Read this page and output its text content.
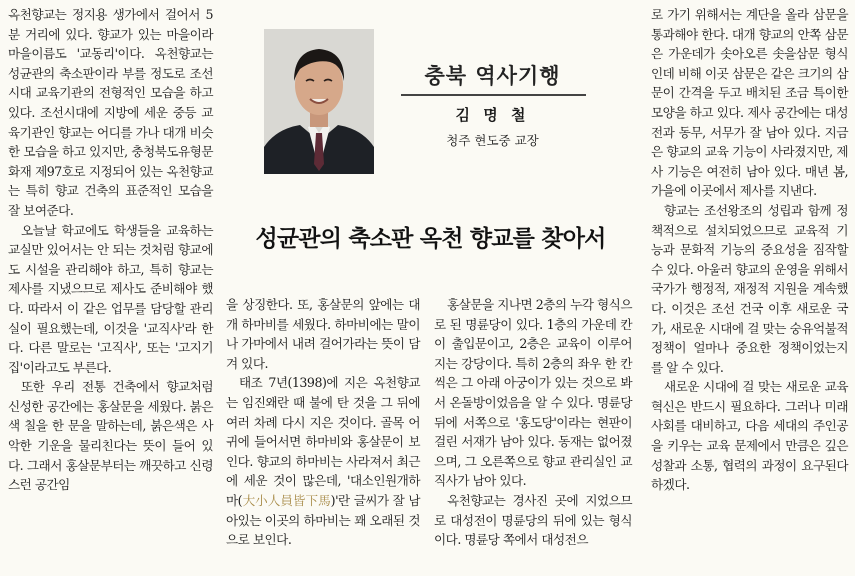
옥천향교는 정지용 생가에서 걸어서 5분 거리에 있다. 향교가 있는 마을이라 마을이름도 '교동리'이다. 옥천향교는 성균관의 축소판이라 부를 정도로 조선 시대 교육기관의 전형적인 모습을 하고 있다. 조선시대에 지방에 세운 중등 교육기관인 향교는 어디를 가나 대개 비슷한 모습을 하고 있지만, 충청북도유형문화재 제97호로 지정되어 있는 옥천향교는 특히 향교 건축의 표준적인 모습을 잘 보여준다.

오늘날 학교에도 학생들을 교육하는 교실만 있어서는 안 되는 것처럼 향교에도 시설을 관리해야 하고, 특히 향교는 제사를 지냈으므로 제사도 준비해야 했다. 따라서 이 같은 업무를 담당할 관리실이 필요했는데, 이것을 '교직사'라 한다. 다른 말로는 '고직사', 또는 '고지기집'이라고도 부른다.

또한 우리 전통 건축에서 향교처럼 신성한 공간에는 홍살문을 세웠다. 붉은색 칠을 한 문을 말하는데, 붉은색은 사악한 기운을 물리친다는 뜻이 들어 있다. 그래서 홍살문부터는 깨끗하고 신령스런 공간임

충북 역사기행
김 명 철
청주 현도중 교장
성균관의 축소판 옥천 향교를 찾아서

을 상징한다. 또, 홍살문의 앞에는 대개 하마비를 세웠다. 하마비에는 말이나 가마에서 내려 걸어가라는 뜻이 담겨 있다.

태조 7년(1398)에 지은 옥천향교는 임진왜란 때 불에 탄 것을 그 뒤에 여러 차례 다시 지은 것이다. 골목 어귀에 들어서면 하마비와 홍살문이 보인다. 향교의 하마비는 사라져서 최근에 세운 것이 많은데, '대소인원개하마(大小人員皆下馬)'란 글씨가 잘 남아있는 이곳의 하마비는 꽤 오래된 것으로 보인다.

홍살문을 지나면 2층의 누각 형식으로 된 명륜당이 있다. 1층의 가운데 칸이 출입문이고, 2층은 교육이 이루어지는 강당이다. 특히 2층의 좌우 한 칸씩은 그 아래 아궁이가 있는 것으로 봐서 온돌방이었음을 알 수 있다. 명륜당 뒤에 서쪽으로 '홍도당'이라는 현판이 걸린 서재가 남아 있다. 동재는 없어졌으며, 그 오른쪽으로 향교 관리실인 교직사가 남아 있다.

옥천향교는 경사진 곳에 지었으므로 대성전이 명륜당의 뒤에 있는 형식이다. 명륜당 쪽에서 대성전으

로 가기 위해서는 계단을 올라 삼문을 통과해야 한다. 대개 향교의 안쪽 삼문은 가운데가 솟아오른 솟을삼문 형식인데 비해 이곳 삼문은 같은 크기의 삼문이 간격을 두고 배치된 조금 특이한 모양을 하고 있다. 제사 공간에는 대성전과 동무, 서무가 잘 남아 있다. 지금은 향교의 교육 기능이 사라졌지만, 제사 기능은 여전히 남아 있다. 매년 봄, 가을에 이곳에서 제사를 지낸다.

향교는 조선왕조의 성립과 함께 정책적으로 설치되었으므로 교육적 기능과 문화적 기능의 중요성을 짐작할 수 있다. 아울러 향교의 운영을 위해서 국가가 행정적, 재정적 지원을 계속했다. 이것은 조선 건국 이후 새로운 국가, 새로운 시대에 걸 맞는 숭유억불적 정책이 얼마나 중요한 정책이었는지를 알 수 있다.

새로운 시대에 걸 맞는 새로운 교육 혁신은 반드시 필요하다. 그러나 미래 사회를 대비하고, 다음 세대의 주인공을 키우는 교육 문제에서 만큼은 깊은 성찰과 소통, 협력의 과정이 요구된다 하겠다.
